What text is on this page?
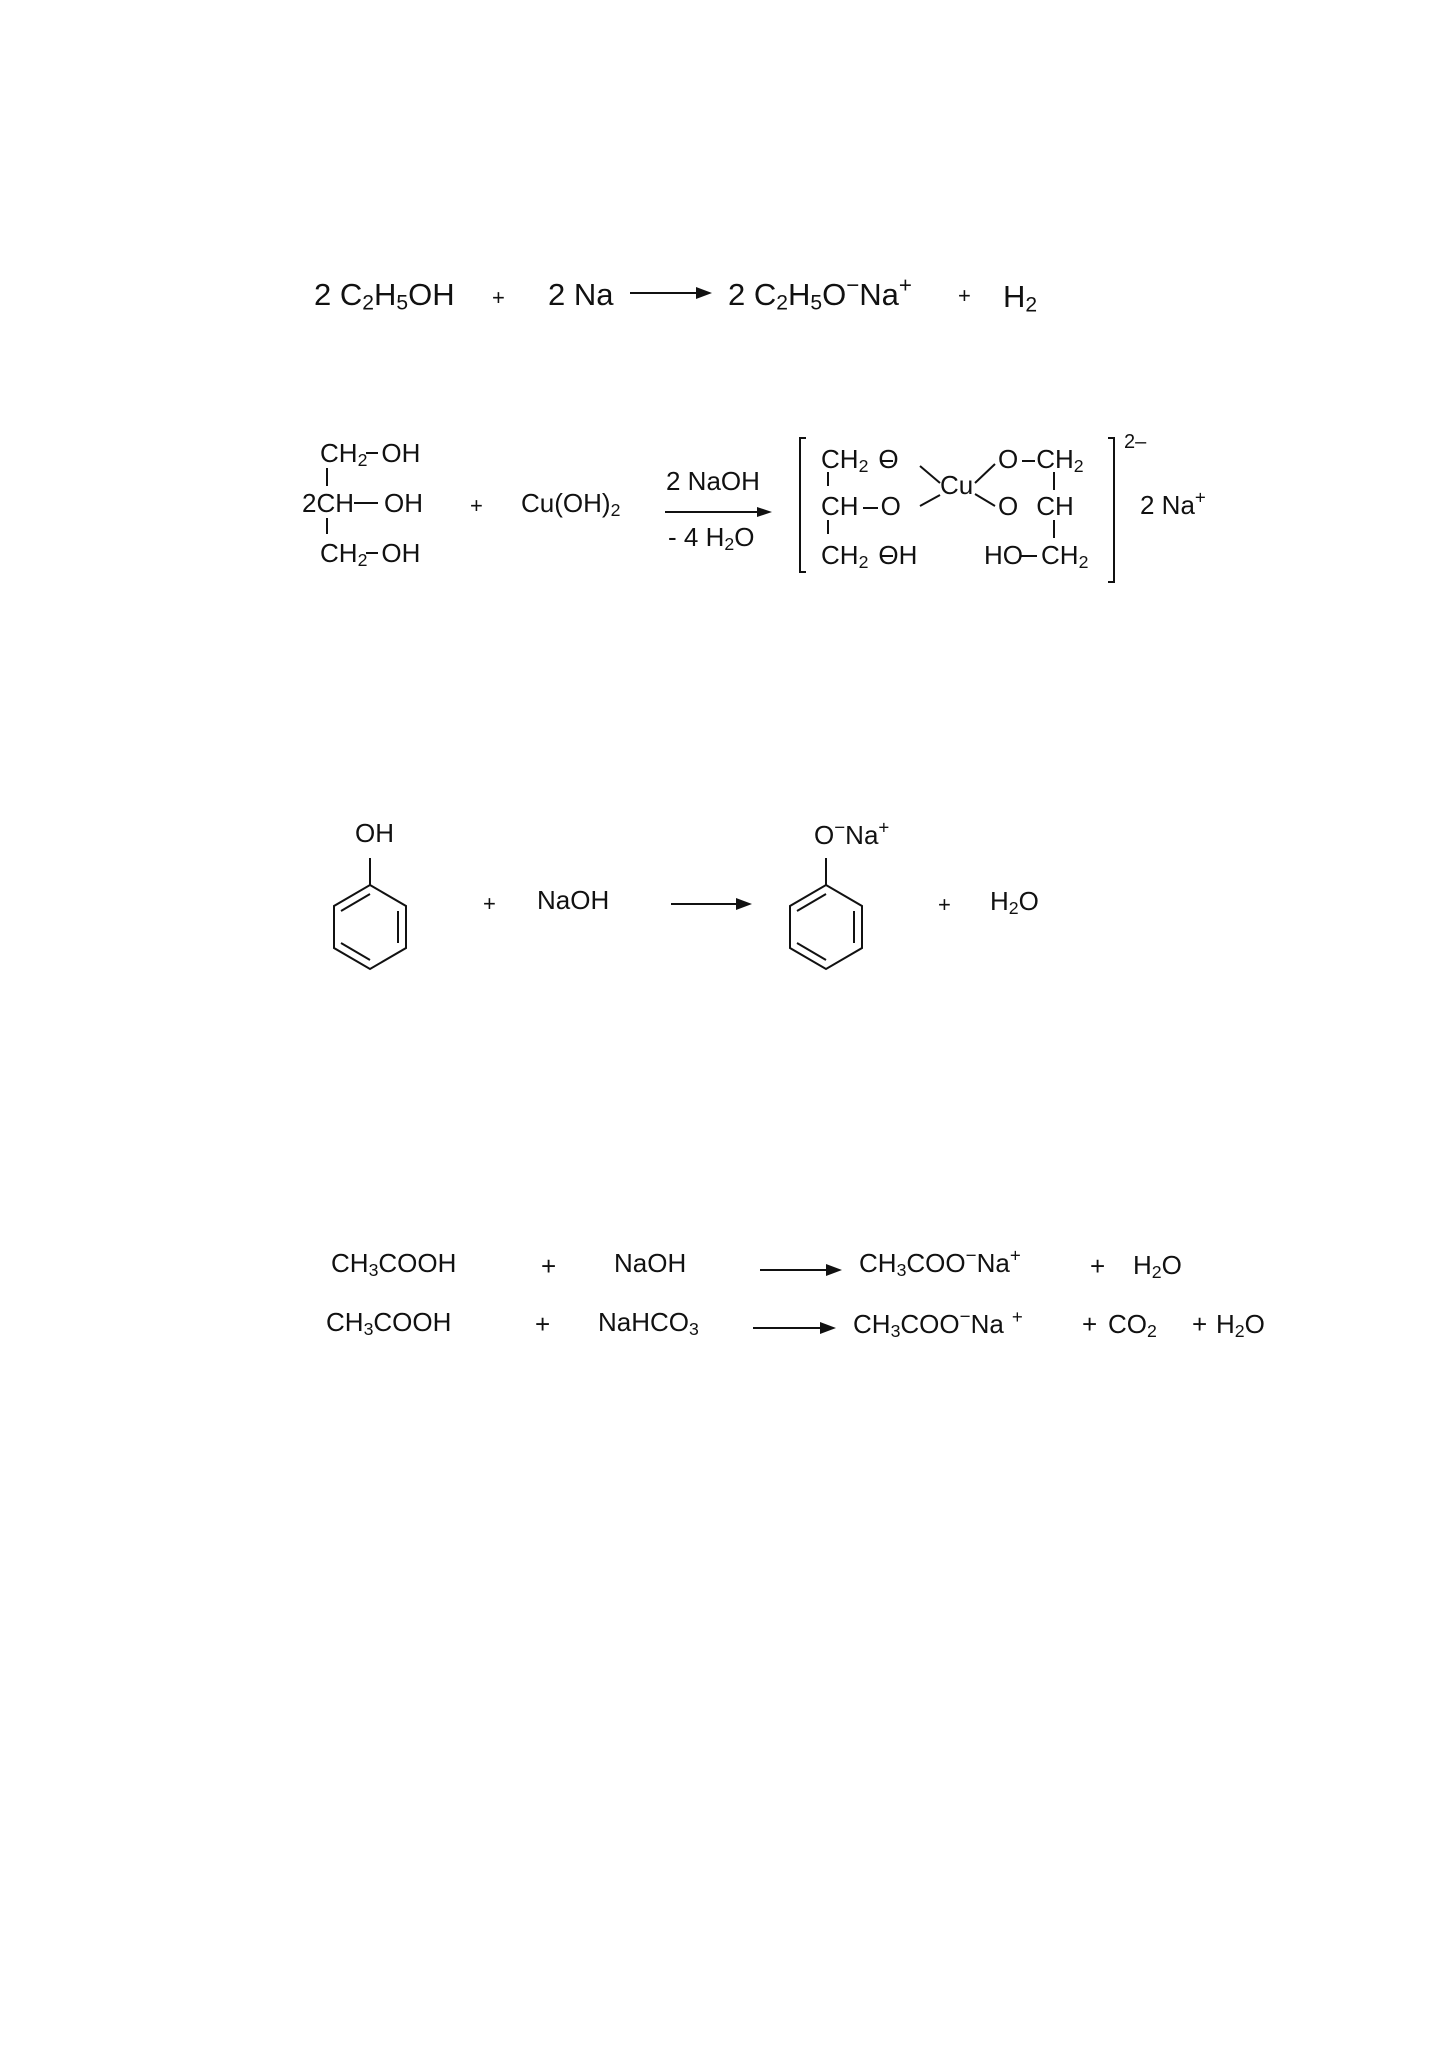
2 $C_2H_5OH + 2$ Na	2 $C_2H_5O^-Na^+ + H_2$
$CH_2$ OH
2CH OH
$CH_2$ OH
+ $Cu(OH)_2$
2 NaOH
- 4 $H_2O$
$CH_2$ O
CH O
$CH_2$ OH
Cu
O $CH_2$
O CH
HO $CH_2$
2–
2 Na+
OH
+ NaOH
O−Na+
+ $H_2O$
$CH_3COOH$	+ NaOH	$CH_3COO^-Na^+$	+ $H_2O$
$CH_3COOH$	+ NaHCO$_3$	$CH_3COO^-Na$ $^+ + CO_2 + H_2O$
